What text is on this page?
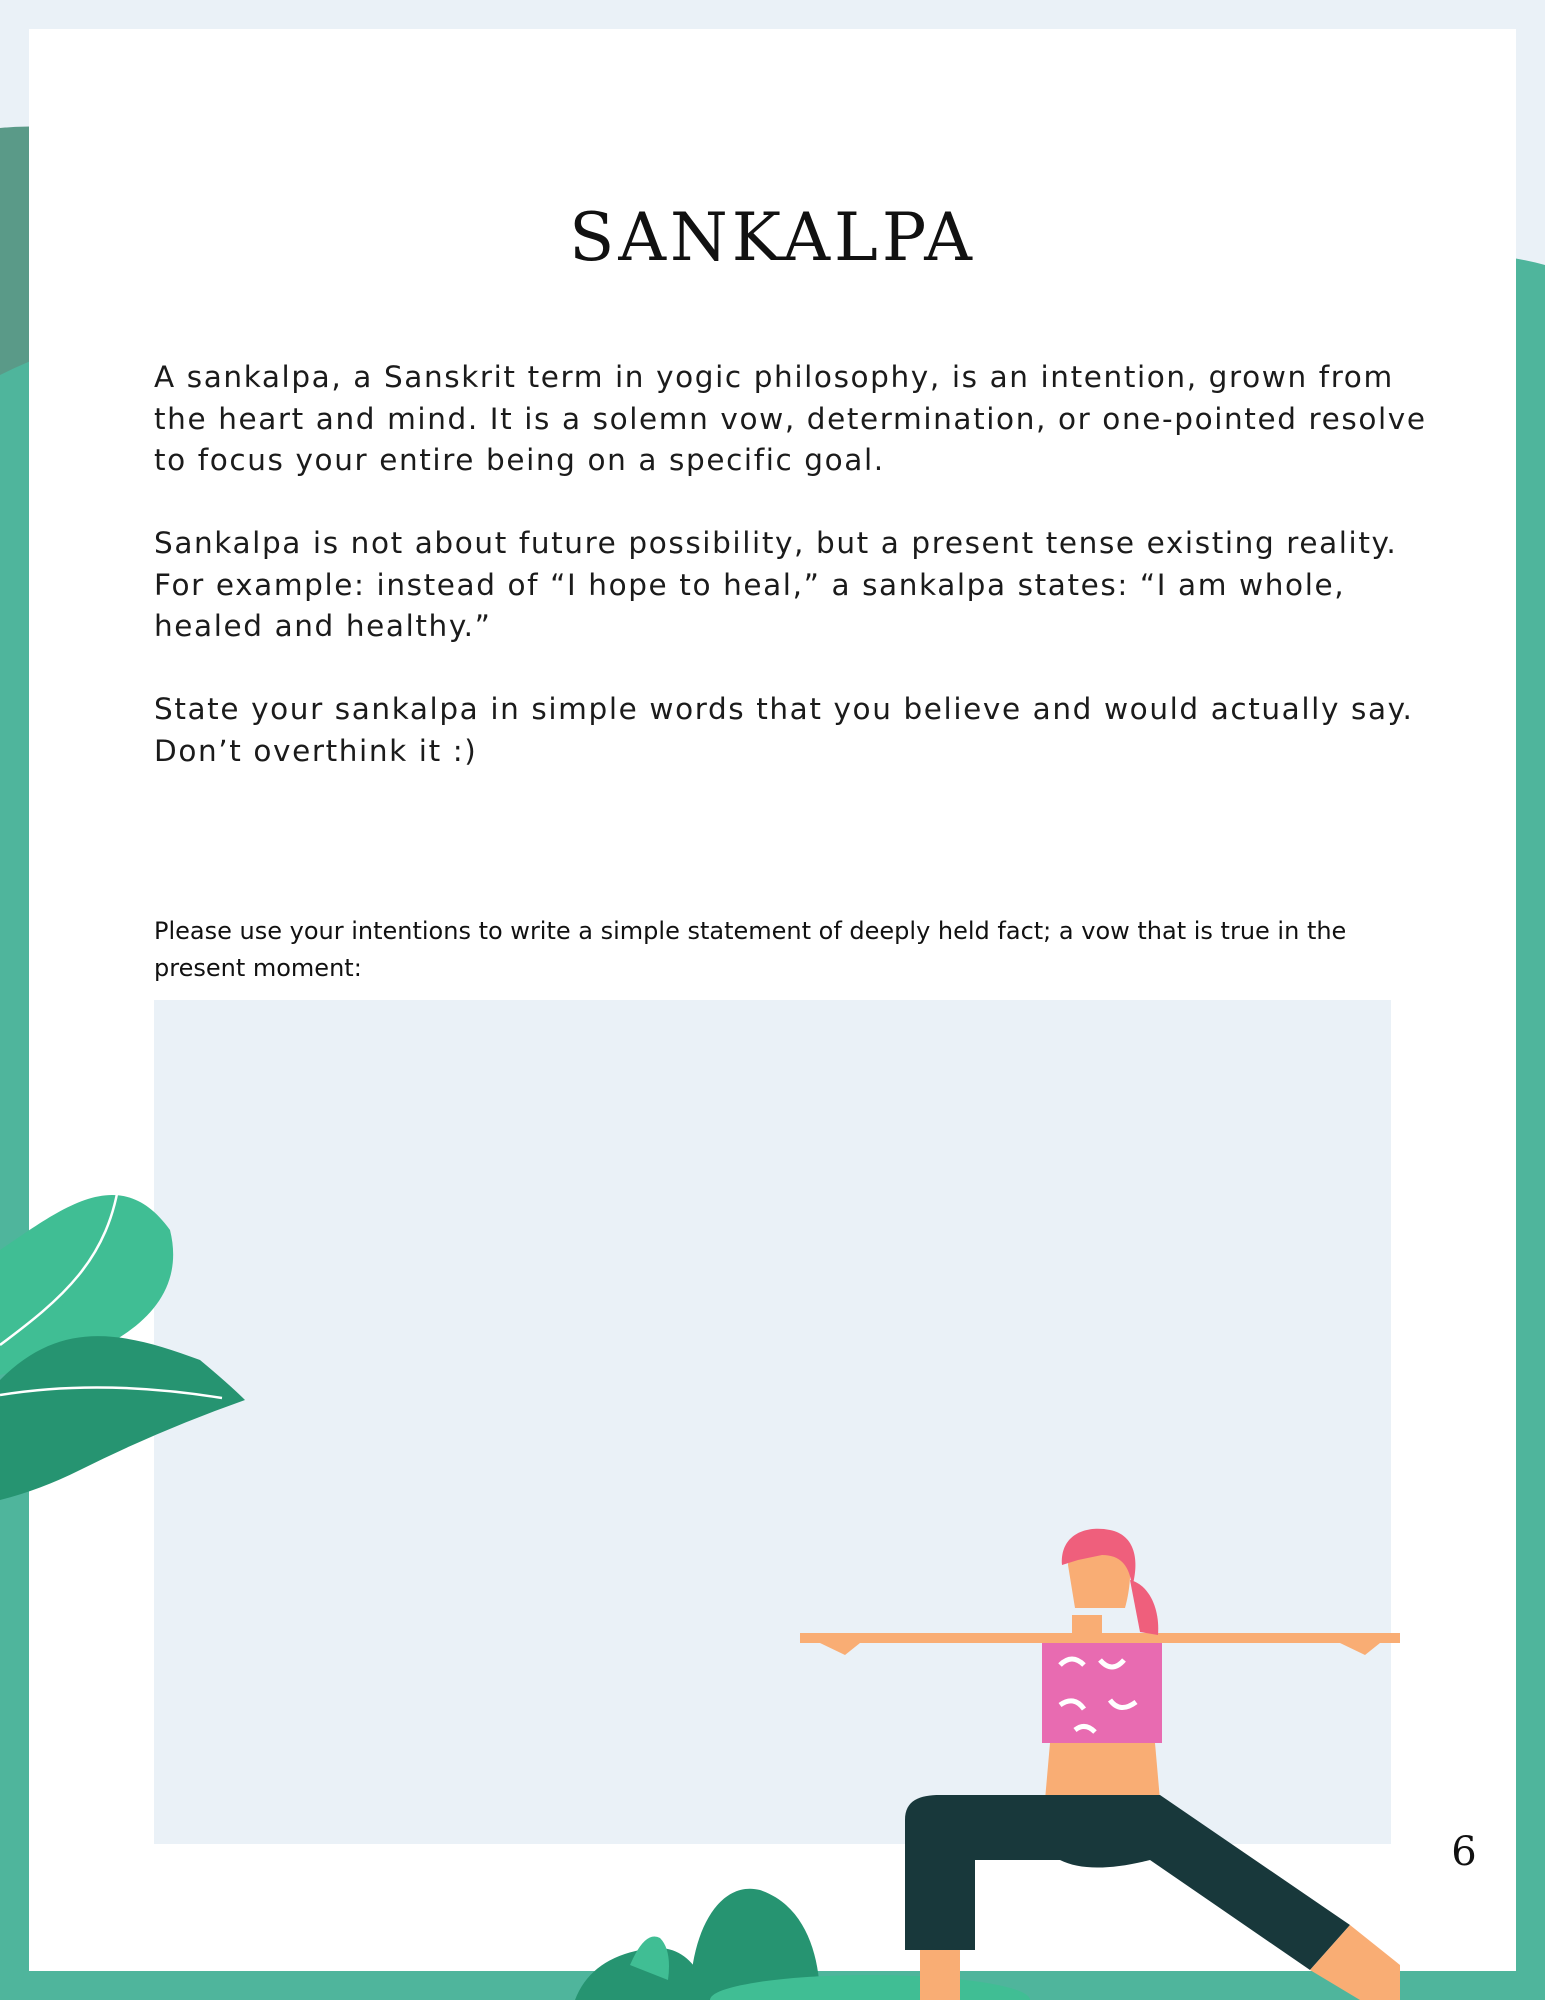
SANKALPA

A sankalpa, a Sanskrit term in yogic philosophy, is an intention, grown from the heart and mind. It is a solemn vow, determination, or one-pointed resolve to focus your entire being on a specific goal.

Sankalpa is not about future possibility, but a present tense existing reality. For example: instead of “I hope to heal,” a sankalpa states: “I am whole, healed and healthy.”

State your sankalpa in simple words that you believe and would actually say. Don’t overthink it :)

Please use your intentions to write a simple statement of deeply held fact; a vow that is true in the present moment:
6
